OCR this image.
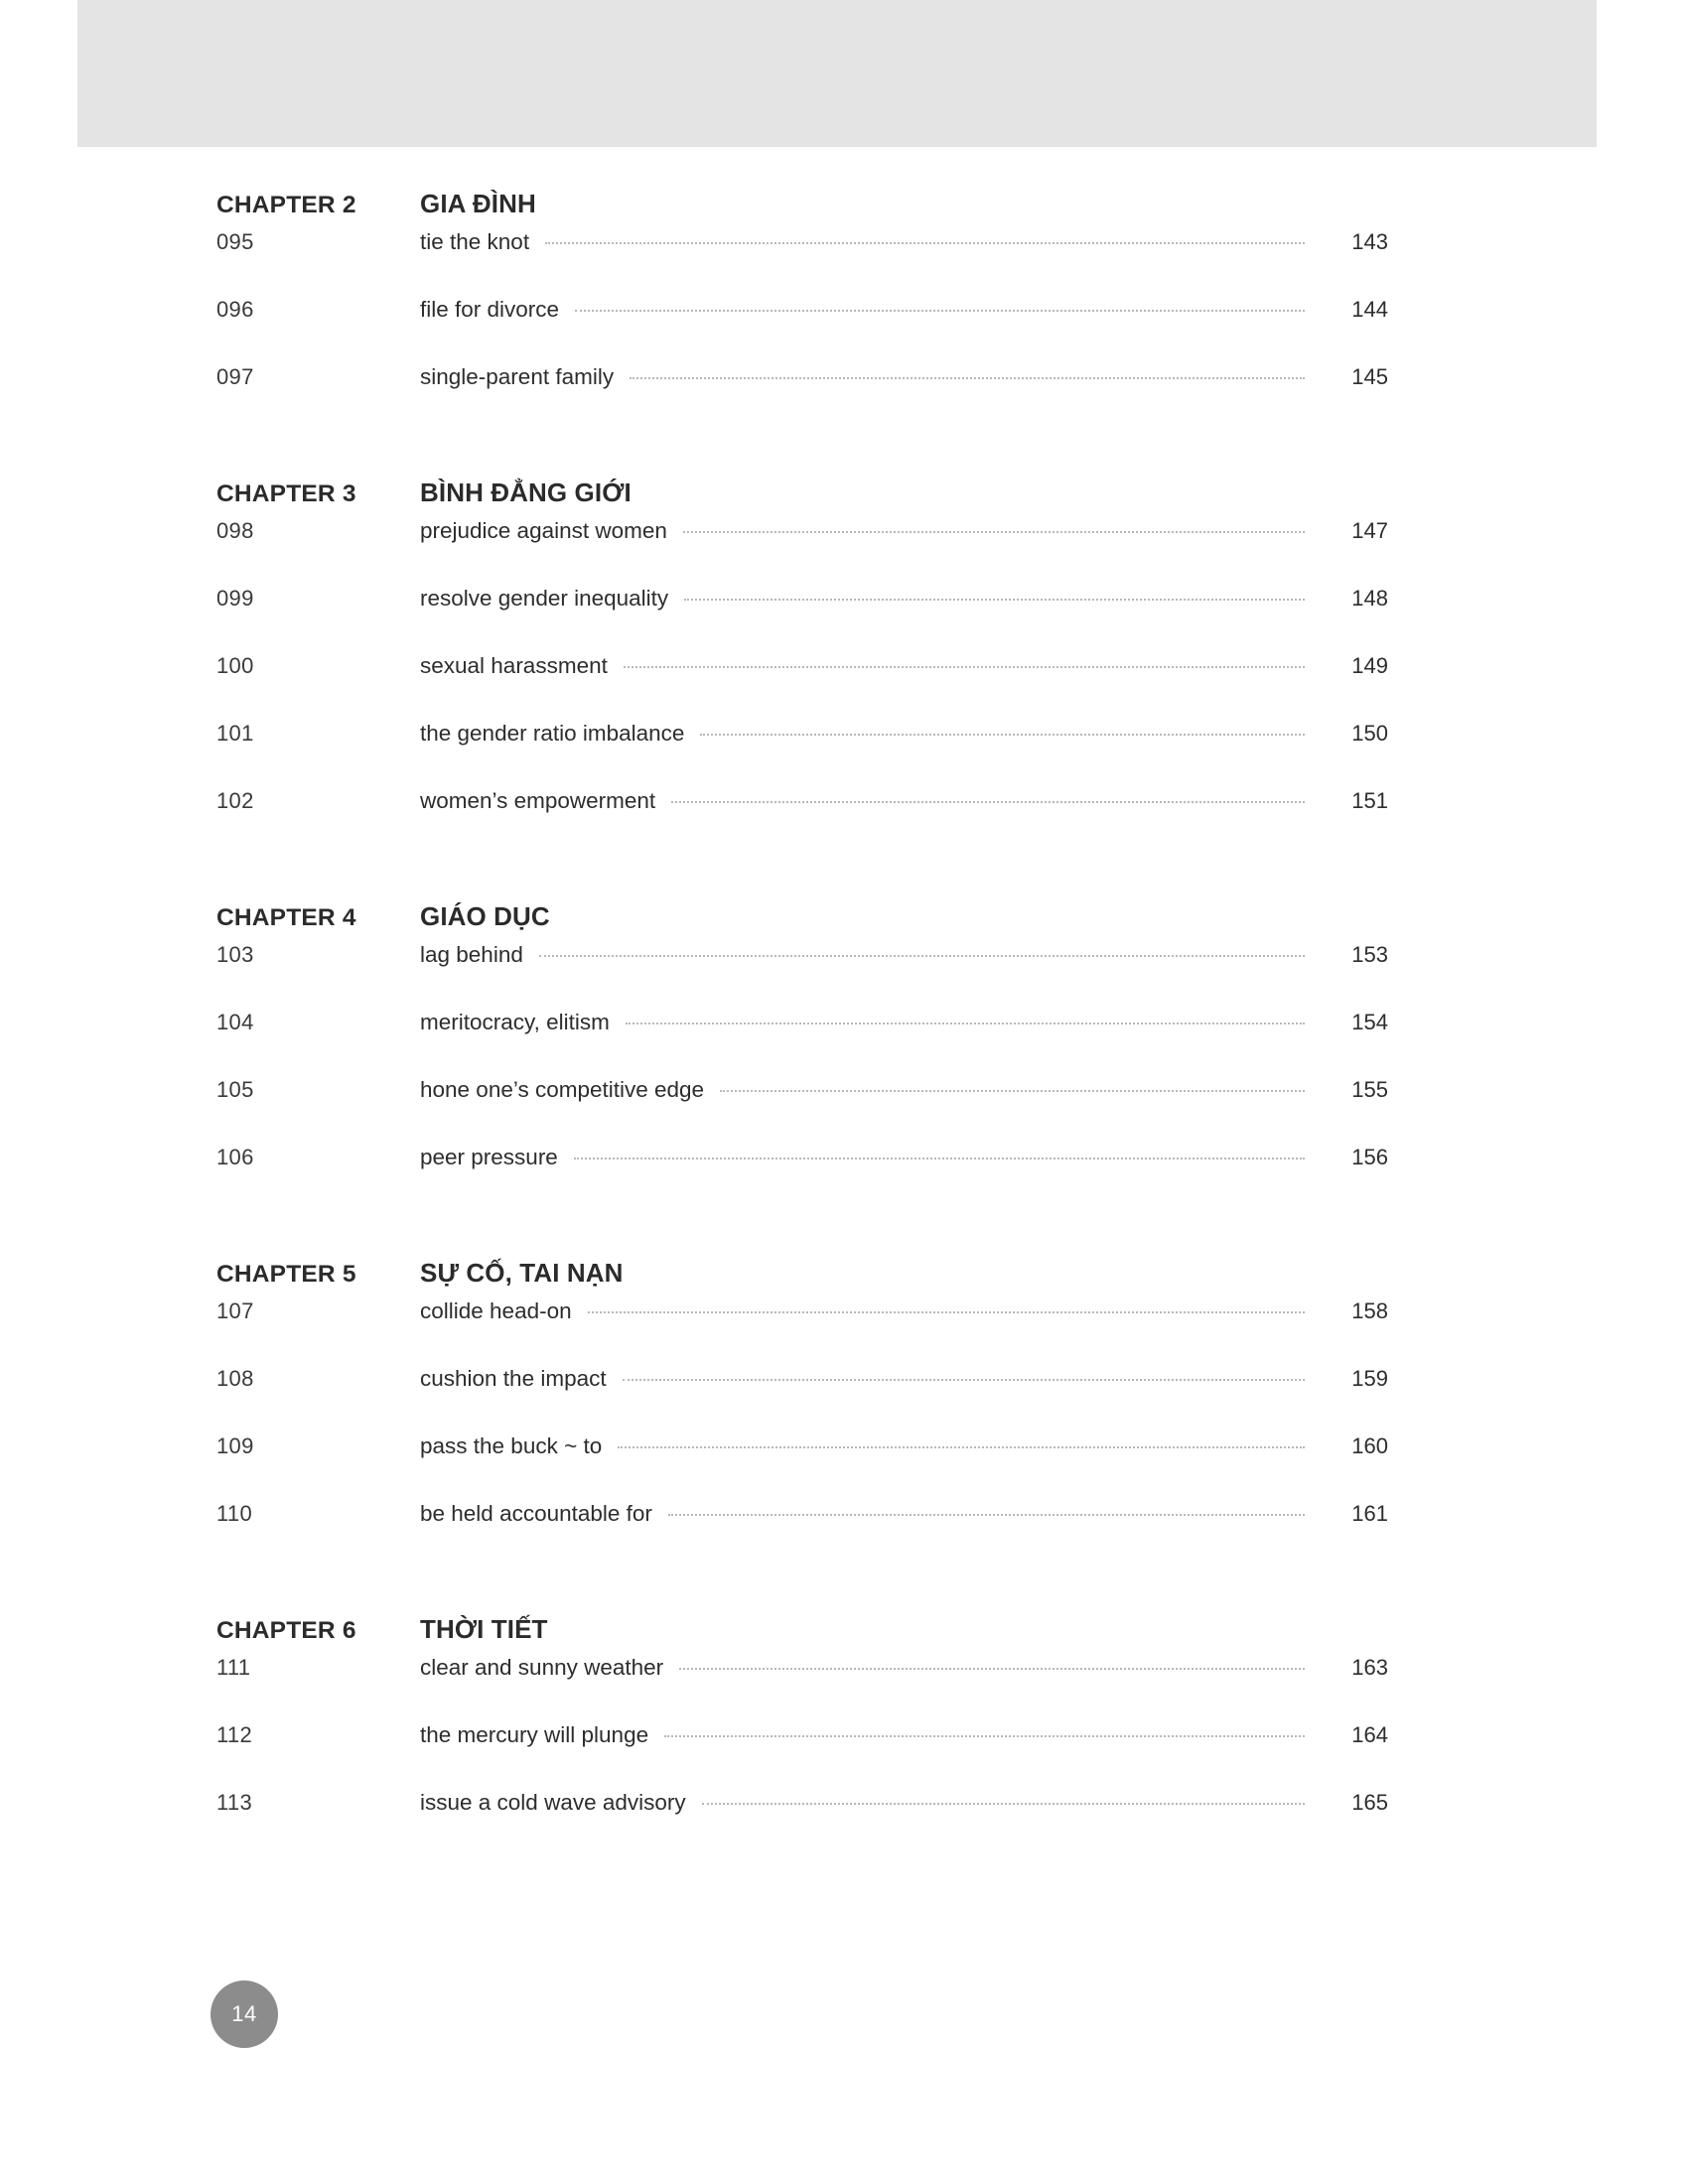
CHAPTER 2	GIA ĐÌNH
095	tie the knot	143
096	file for divorce	144
097	single-parent family	145
CHAPTER 3	BÌNH ĐẲNG GIỚI
098	prejudice against women	147
099	resolve gender inequality	148
100	sexual harassment	149
101	the gender ratio imbalance	150
102	women’s empowerment	151
CHAPTER 4	GIÁO DỤC
103	lag behind	153
104	meritocracy, elitism	154
105	hone one’s competitive edge	155
106	peer pressure	156
CHAPTER 5	SỰ CỐ, TAI NẠN
107	collide head-on	158
108	cushion the impact	159
109	pass the buck ~ to	160
110	be held accountable for	161
CHAPTER 6	THỜI TIẾT
111	clear and sunny weather	163
112	the mercury will plunge	164
113	issue a cold wave advisory	165
14
